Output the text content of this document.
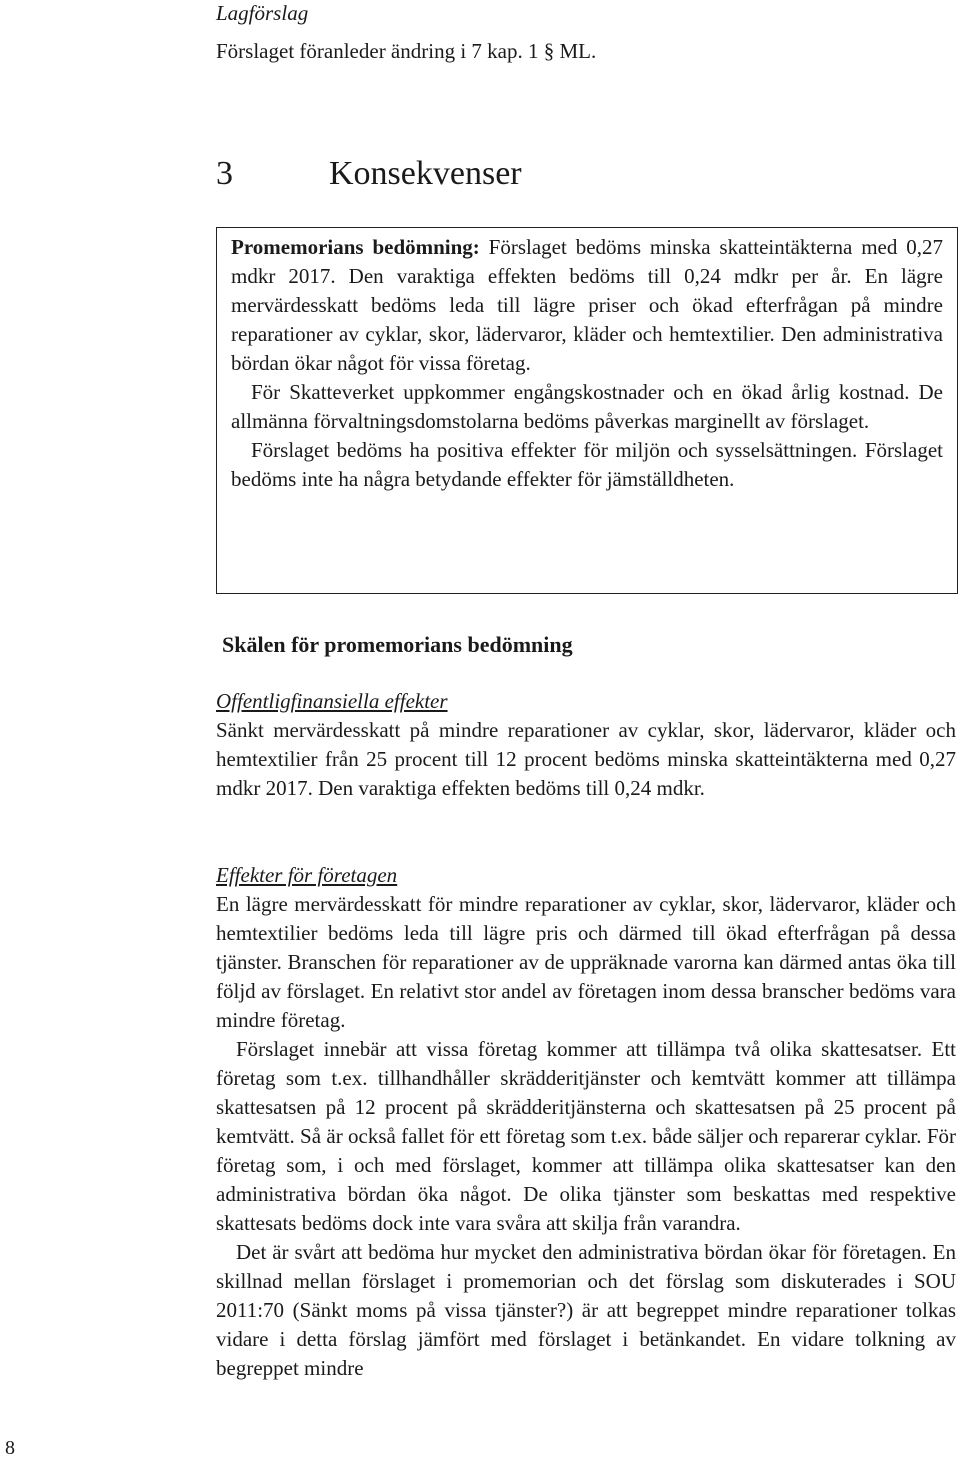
Lagförslag
Förslaget föranleder ändring i 7 kap. 1 § ML.
3	Konsekvenser

Promemorians bedömning: Förslaget bedöms minska skatteintäkterna med 0,27 mdkr 2017. Den varaktiga effekten bedöms till 0,24 mdkr per år. En lägre mervärdesskatt bedöms leda till lägre priser och ökad efterfrågan på mindre reparationer av cyklar, skor, lädervaror, kläder och hemtextilier. Den administrativa bördan ökar något för vissa företag.

För Skatteverket uppkommer engångskostnader och en ökad årlig kostnad. De allmänna förvaltningsdomstolarna bedöms påverkas marginellt av förslaget.

Förslaget bedöms ha positiva effekter för miljön och sysselsättningen. Förslaget bedöms inte ha några betydande effekter för jämställdheten.

Skälen för promemorians bedömning

Offentligfinansiella effekter

Sänkt mervärdesskatt på mindre reparationer av cyklar, skor, lädervaror, kläder och hemtextilier från 25 procent till 12 procent bedöms minska skatteintäkterna med 0,27 mdkr 2017. Den varaktiga effekten bedöms till 0,24 mdkr.

Effekter för företagen

En lägre mervärdesskatt för mindre reparationer av cyklar, skor, lädervaror, kläder och hemtextilier bedöms leda till lägre pris och därmed till ökad efterfrågan på dessa tjänster. Branschen för reparationer av de uppräknade varorna kan därmed antas öka till följd av förslaget. En relativt stor andel av företagen inom dessa branscher bedöms vara mindre företag.

Förslaget innebär att vissa företag kommer att tillämpa två olika skattesatser. Ett företag som t.ex. tillhandhåller skrädderitjänster och kemtvätt kommer att tillämpa skattesatsen på 12 procent på skrädderitjänsterna och skattesatsen på 25 procent på kemtvätt. Så är också fallet för ett företag som t.ex. både säljer och reparerar cyklar. För företag som, i och med förslaget, kommer att tillämpa olika skattesatser kan den administrativa bördan öka något. De olika tjänster som beskattas med respektive skattesats bedöms dock inte vara svåra att skilja från varandra.

Det är svårt att bedöma hur mycket den administrativa bördan ökar för företagen. En skillnad mellan förslaget i promemorian och det förslag som diskuterades i SOU 2011:70 (Sänkt moms på vissa tjänster?) är att begreppet mindre reparationer tolkas vidare i detta förslag jämfört med förslaget i betänkandet. En vidare tolkning av begreppet mindre

8
